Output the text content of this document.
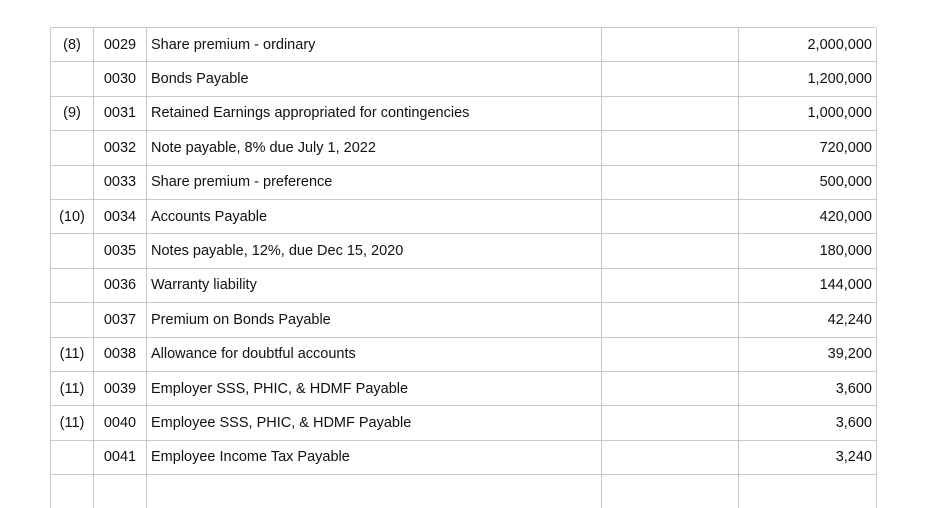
(8)	0029	Share premium - ordinary		2,000,000
	0030	Bonds Payable		1,200,000
(9)	0031	Retained Earnings appropriated for contingencies		1,000,000
	0032	Note payable, 8% due July 1, 2022		720,000
	0033	Share premium - preference		500,000
(10)	0034	Accounts Payable		420,000
	0035	Notes payable, 12%, due Dec 15, 2020		180,000
	0036	Warranty liability		144,000
	0037	Premium on Bonds Payable		42,240
(11)	0038	Allowance for doubtful accounts		39,200
(11)	0039	Employer SSS, PHIC, & HDMF Payable		3,600
(11)	0040	Employee SSS, PHIC, & HDMF Payable		3,600
	0041	Employee Income Tax Payable		3,240
